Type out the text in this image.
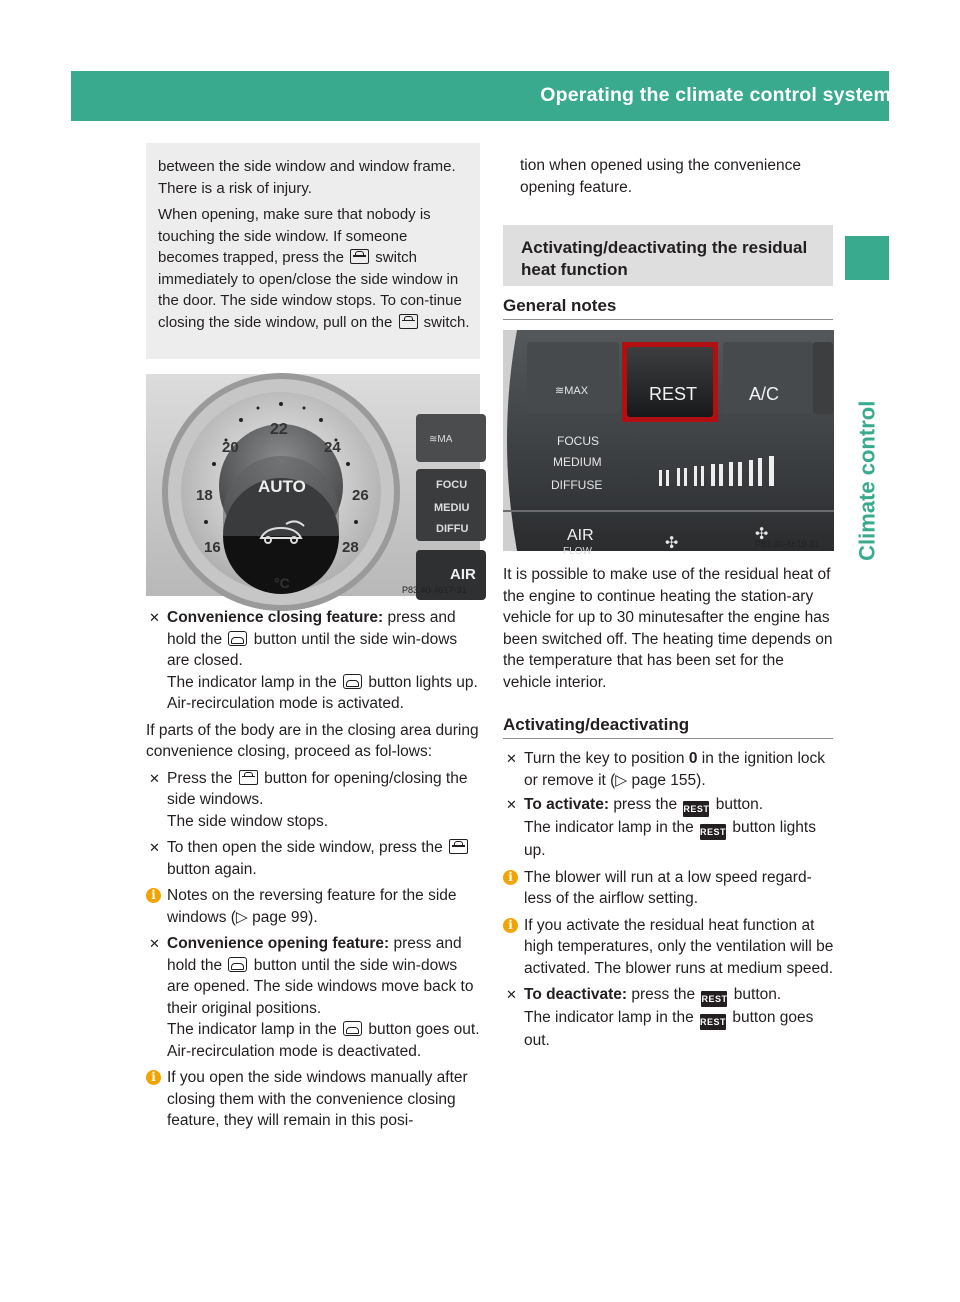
Operating the climate control system 149
Climate control

between the side window and window frame. There is a risk of injury.

When opening, make sure that nobody is touching the side window. If someone becomes trapped, press the switch immediately to open/close the side window in the door. The side window stops. To con-tinue closing the side window, pull on the switch.

22
20	24
18	26
16	28
AUTO
°C
≋MA
FOCU
MEDIU
DIFFU
AIR
P83.40-4617-31
✕ Convenience closing feature: press and hold the button until the side win-dows are closed.
The indicator lamp in the button lights up. Air-recirculation mode is activated.

If parts of the body are in the closing area during convenience closing, proceed as fol-lows:

✕ Press the button for opening/closing the side windows.
The side window stops.
✕ To then open the side window, press the  button again.
i Notes on the reversing feature for the side windows (▷ page 99).
✕ Convenience opening feature: press and hold the button until the side win-dows are opened. The side windows move back to their original positions.
The indicator lamp in the button goes out. Air-recirculation mode is deactivated.
i If you open the side windows manually after closing them with the convenience closing feature, they will remain in this posi-
tion when opened using the convenience opening feature.
Activating/deactivating the residual heat function
General notes
≋MAX	REST	A/C
FOCUS
MEDIUM
DIFFUSE
AIR
FLOW	✣	✣
P83.40-4619-31

It is possible to make use of the residual heat of the engine to continue heating the station-ary vehicle for up to 30 minutesafter the engine has been switched off. The heating time depends on the temperature that has been set for the vehicle interior.

Activating/deactivating
✕ Turn the key to position 0 in the ignition lock or remove it (▷ page 155).
✕ To activate: press the REST button.
The indicator lamp in the REST button lights up.
i The blower will run at a low speed regard-less of the airflow setting.
i If you activate the residual heat function at high temperatures, only the ventilation will be activated. The blower runs at medium speed.
✕ To deactivate: press the REST button.
The indicator lamp in the REST button goes out.
